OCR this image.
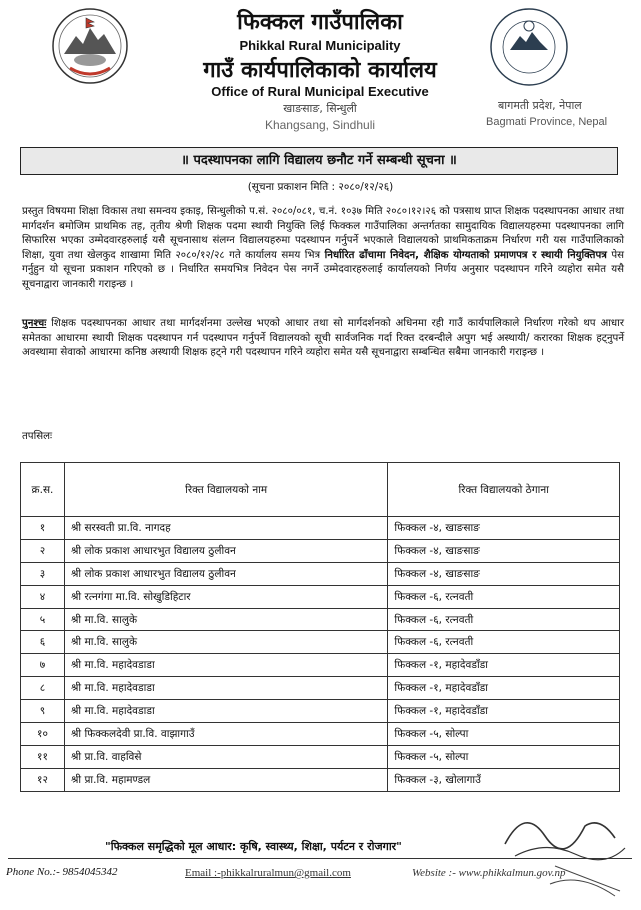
फिक्कल गाउँपालिका
Phikkal Rural Municipality
गाउँ कार्यपालिकाको कार्यालय
Office of Rural Municipal Executive
खाङसाङ, सिन्धुली
Khangsang, Sindhuli
बागमती प्रदेश, नेपाल
Bagmati Province, Nepal
॥ पदस्थापनका लागि विद्यालय छनौट गर्ने सम्बन्धी सूचना ॥
(सूचना प्रकाशन मिति : २०८०/१२/२६)
प्रस्तुत विषयमा शिक्षा विकास तथा समन्वय इकाइ, सिन्धुलीको प.सं. २०८०/०८१, च.नं. १०३७ मिति २०८०।१२।२६ को पत्रसाथ प्राप्त शिक्षक पदस्थापनका आधार तथा मार्गदर्शन बमोजिम प्राथमिक तह, तृतीय श्रेणी शिक्षक पदमा स्थायी नियुक्ति लिई फिक्कल गाउँपालिका अन्तर्गतका सामुदायिक विद्यालयहरुमा पदस्थापनका लागि सिफारिस भएका उम्मेदवारहरुलाई यसै सूचनासाथ संलग्न विद्यालयहरुमा पदस्थापन गर्नुपर्ने भएकाले विद्यालयको प्राथमिकताक्रम निर्धारण गरी यस गाउँपालिकाको शिक्षा, युवा तथा खेलकुद शाखामा मिति २०८०/१२/२८ गते कार्यालय समय भित्र निर्धारित ढाँचामा निवेदन, शैक्षिक योग्यताको प्रमाणपत्र र स्थायी नियुक्तिपत्र पेस गर्नुहुन यो सूचना प्रकाशन गरिएको छ । निर्धारित समयभित्र निवेदन पेस नगर्ने उम्मेदवारहरुलाई कार्यालयको निर्णय अनुसार पदस्थापन गरिने व्यहोरा समेत यसै सूचनाद्वारा जानकारी गराइन्छ ।
पुनश्चः शिक्षक पदस्थापनका आधार तथा मार्गदर्शनमा उल्लेख भएको आधार तथा सो मार्गदर्शनको अधिनमा रही गाउँ कार्यपालिकाले निर्धारण गरेको थप आधार समेतका आधारमा स्थायी शिक्षक पदस्थापन गर्न पदस्थापन गर्नुपर्ने विद्यालयको सूची सार्वजनिक गर्दा रिक्त दरबन्दीले अपुग भई अस्थायी/ करारका शिक्षक हट्नुपर्ने अवस्थामा सेवाको आधारमा कनिष्ठ अस्थायी शिक्षक हट्ने गरी पदस्थापन गरिने व्यहोरा समेत यसै सूचनाद्वारा सम्बन्धित सबैमा जानकारी गराइन्छ ।
तपसिलः
क्र.स.	रिक्त विद्यालयको नाम	रिक्त विद्यालयको ठेगाना
१	श्री सरस्वती प्रा.वि. नागदह	फिक्कल -४, खाङसाङ
२	श्री लोक प्रकाश आधारभुत विद्यालय ठुलीवन	फिक्कल -४, खाङसाङ
३	श्री लोक प्रकाश आधारभुत विद्यालय ठुलीवन	फिक्कल -४, खाङसाङ
४	श्री रत्नगंगा मा.वि. सोखुडिहिटार	फिक्कल -६, रत्नवती
५	श्री मा.वि. सालुके	फिक्कल -६, रत्नवती
६	श्री मा.वि. सालुके	फिक्कल -६, रत्नवती
७	श्री मा.वि. महादेवडाडा	फिक्कल -१, महादेवडाँडा
८	श्री मा.वि. महादेवडाडा	फिक्कल -१, महादेवडाँडा
९	श्री मा.वि. महादेवडाडा	फिक्कल -१, महादेवडाँडा
१०	श्री फिक्कलदेवी प्रा.वि. वाझागाउँ	फिक्कल -५, सोल्पा
११	श्री प्रा.वि. वाहविसे	फिक्कल -५, सोल्पा
१२	श्री प्रा.वि. महामण्डल	फिक्कल -३, खोलागाउँ
"फिक्कल समृद्धिको मूल आधार: कृषि, स्वास्थ्य, शिक्षा, पर्यटन र रोजगार"
Phone No.:- 9854045342	Email :-phikkalruralmun@gmail.com	Website :- www.phikkalmun.gov.np
